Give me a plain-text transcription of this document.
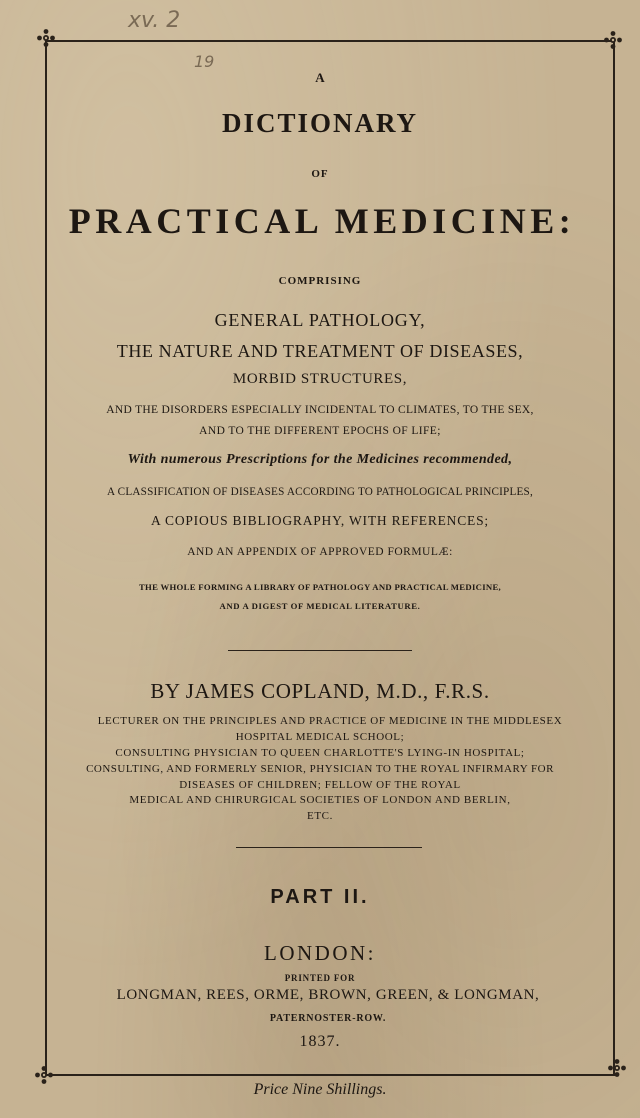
xv. 2
19
A
DICTIONARY
OF
PRACTICAL MEDICINE:
COMPRISING
GENERAL PATHOLOGY,
THE NATURE AND TREATMENT OF DISEASES,
MORBID STRUCTURES,
AND THE DISORDERS ESPECIALLY INCIDENTAL TO CLIMATES, TO THE SEX,
AND TO THE DIFFERENT EPOCHS OF LIFE;
With numerous Prescriptions for the Medicines recommended,
A CLASSIFICATION OF DISEASES ACCORDING TO PATHOLOGICAL PRINCIPLES,
A COPIOUS BIBLIOGRAPHY, WITH REFERENCES;
AND AN APPENDIX OF APPROVED FORMULÆ:
THE WHOLE FORMING A LIBRARY OF PATHOLOGY AND PRACTICAL MEDICINE,
AND A DIGEST OF MEDICAL LITERATURE.
BY JAMES COPLAND, M.D., F.R.S.
LECTURER ON THE PRINCIPLES AND PRACTICE OF MEDICINE IN THE MIDDLESEX
HOSPITAL MEDICAL SCHOOL;
CONSULTING PHYSICIAN TO QUEEN CHARLOTTE'S LYING-IN HOSPITAL;
CONSULTING, AND FORMERLY SENIOR, PHYSICIAN TO THE ROYAL INFIRMARY FOR
DISEASES OF CHILDREN; FELLOW OF THE ROYAL
MEDICAL AND CHIRURGICAL SOCIETIES OF LONDON AND BERLIN,
ETC.
PART II.
LONDON:
PRINTED FOR
LONGMAN, REES, ORME, BROWN, GREEN, & LONGMAN,
PATERNOSTER-ROW.
1837.
Price Nine Shillings.
